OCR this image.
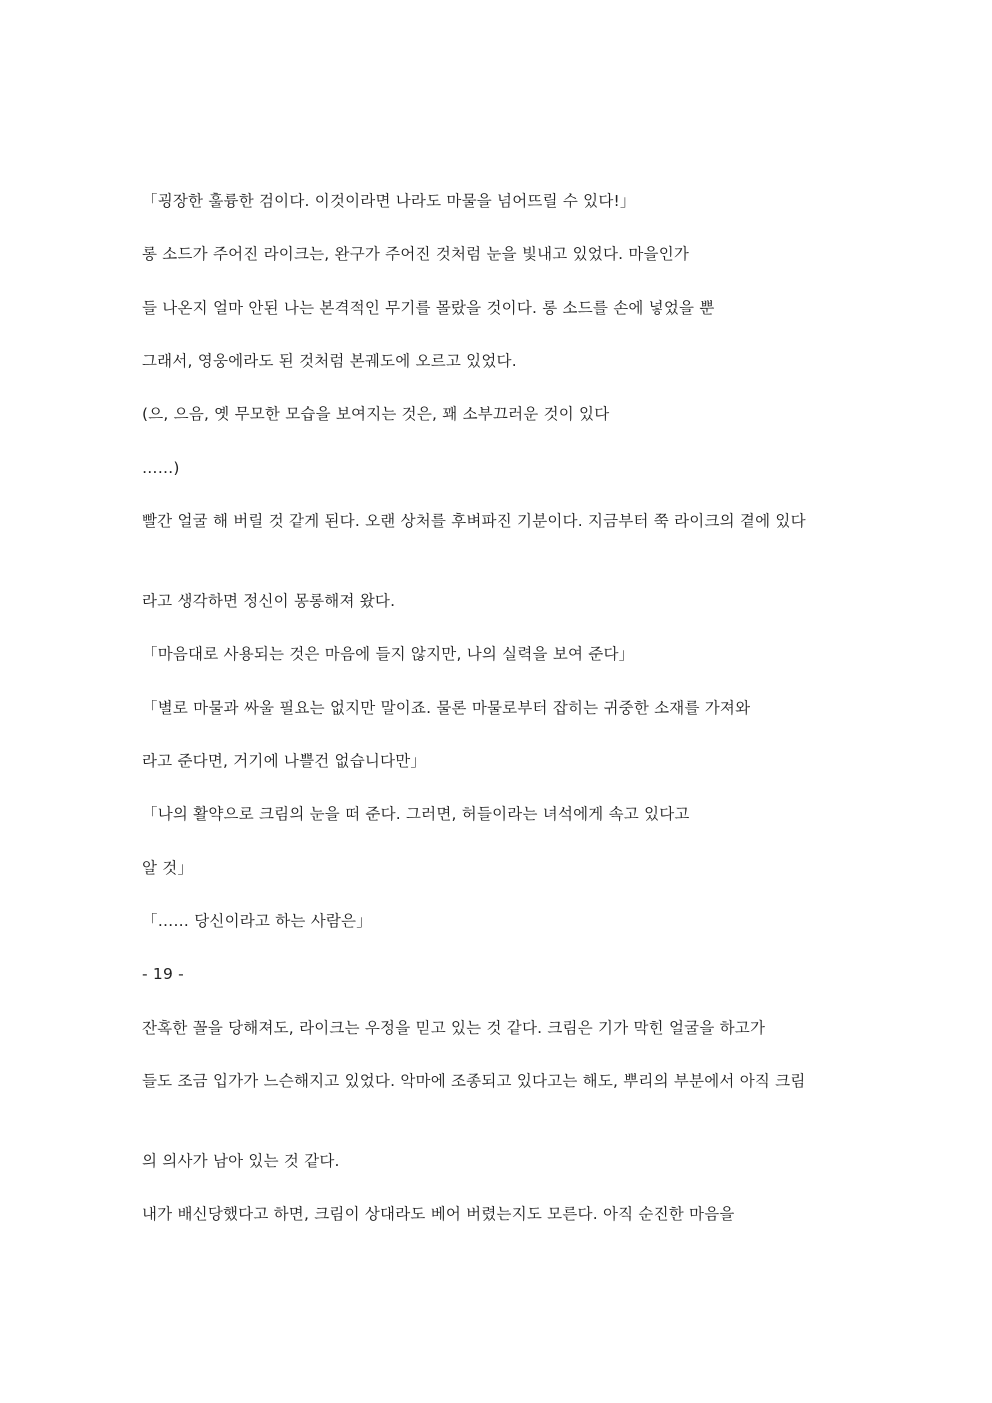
「굉장한 훌륭한 검이다. 이것이라면 나라도 마물을 넘어뜨릴 수 있다!」
롱 소드가 주어진 라이크는, 완구가 주어진 것처럼 눈을 빛내고 있었다. 마을인가
들 나온지 얼마 안된 나는 본격적인 무기를 몰랐을 것이다. 롱 소드를 손에 넣었을 뿐
그래서, 영웅에라도 된 것처럼 본궤도에 오르고 있었다.
(으, 으음, 옛 무모한 모습을 보여지는 것은, 꽤 소부끄러운 것이 있다
……)
빨간 얼굴 해 버릴 것 같게 된다. 오랜 상처를 후벼파진 기분이다. 지금부터 쭉 라이크의 곁에 있다
라고 생각하면 정신이 몽롱해져 왔다.
「마음대로 사용되는 것은 마음에 들지 않지만, 나의 실력을 보여 준다」
「별로 마물과 싸울 필요는 없지만 말이죠. 물론 마물로부터 잡히는 귀중한 소재를 가져와
라고 준다면, 거기에 나쁠건 없습니다만」
「나의 활약으로 크림의 눈을 떠 준다. 그러면, 허들이라는 녀석에게 속고 있다고
알 것」
「…… 당신이라고 하는 사람은」
- 19 -
잔혹한 꼴을 당해져도, 라이크는 우정을 믿고 있는 것 같다. 크림은 기가 막힌 얼굴을 하고가
들도 조금 입가가 느슨해지고 있었다. 악마에 조종되고 있다고는 해도, 뿌리의 부분에서 아직 크림
의 의사가 남아 있는 것 같다.
내가 배신당했다고 하면, 크림이 상대라도 베어 버렸는지도 모른다. 아직 순진한 마음을
